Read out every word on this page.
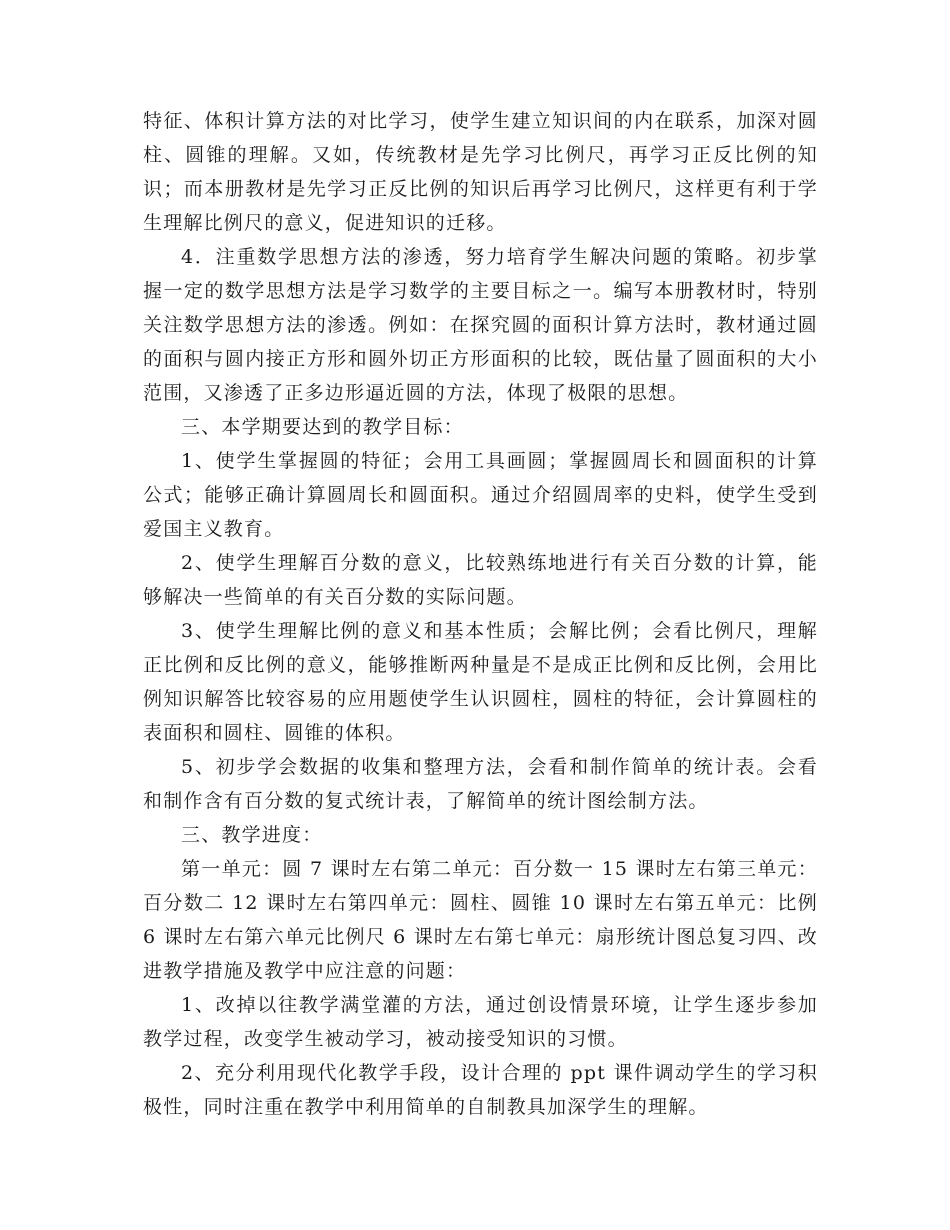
特征、体积计算方法的对比学习，使学生建立知识间的内在联系，加深对圆柱、圆锥的理解。又如，传统教材是先学习比例尺，再学习正反比例的知识；而本册教材是先学习正反比例的知识后再学习比例尺，这样更有利于学生理解比例尺的意义，促进知识的迁移。

4．注重数学思想方法的渗透，努力培育学生解决问题的策略。初步掌握一定的数学思想方法是学习数学的主要目标之一。编写本册教材时，特别关注数学思想方法的渗透。例如：在探究圆的面积计算方法时，教材通过圆的面积与圆内接正方形和圆外切正方形面积的比较，既估量了圆面积的大小范围，又渗透了正多边形逼近圆的方法，体现了极限的思想。

三、本学期要达到的教学目标：

1、使学生掌握圆的特征；会用工具画圆；掌握圆周长和圆面积的计算公式；能够正确计算圆周长和圆面积。通过介绍圆周率的史料，使学生受到爱国主义教育。

2、使学生理解百分数的意义，比较熟练地进行有关百分数的计算，能够解决一些简单的有关百分数的实际问题。

3、使学生理解比例的意义和基本性质；会解比例；会看比例尺，理解正比例和反比例的意义，能够推断两种量是不是成正比例和反比例，会用比例知识解答比较容易的应用题使学生认识圆柱，圆柱的特征，会计算圆柱的表面积和圆柱、圆锥的体积。

5、初步学会数据的收集和整理方法，会看和制作简单的统计表。会看和制作含有百分数的复式统计表，了解简单的统计图绘制方法。

三、教学进度：

第一单元：圆 7 课时左右第二单元：百分数一 15 课时左右第三单元：百分数二 12 课时左右第四单元：圆柱、圆锥 10 课时左右第五单元：比例 6 课时左右第六单元比例尺 6 课时左右第七单元：扇形统计图总复习四、改进教学措施及教学中应注意的问题：

1、改掉以往教学满堂灌的方法，通过创设情景环境，让学生逐步参加教学过程，改变学生被动学习，被动接受知识的习惯。

2、充分利用现代化教学手段，设计合理的 ppt 课件调动学生的学习积极性，同时注重在教学中利用简单的自制教具加深学生的理解。
